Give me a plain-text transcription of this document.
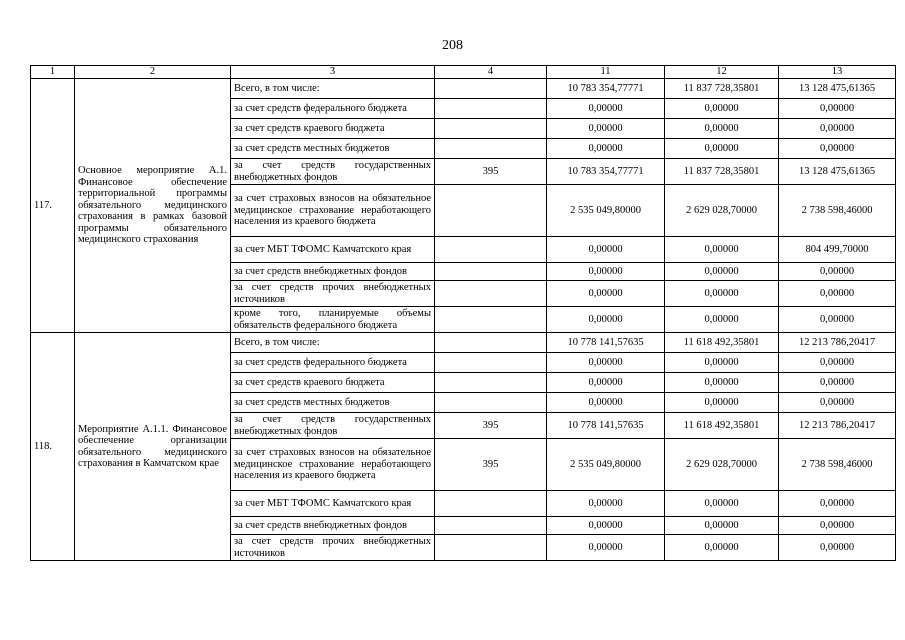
208
1	2	3	4	11	12	13
117.	Основное мероприятие А.1. Финансовое обеспечение территориальной программы обязательного медицинского страхования в рамках базовой программы обязательного медицинского страхования	Всего, в том числе:		10 783 354,77771	11 837 728,35801	13 128 475,61365
		за счет средств федерального бюджета		0,00000	0,00000	0,00000
		за счет средств краевого бюджета		0,00000	0,00000	0,00000
		за счет средств местных бюджетов		0,00000	0,00000	0,00000
		за счет средств государственных внебюджетных фондов	395	10 783 354,77771	11 837 728,35801	13 128 475,61365
		за счет страховых взносов на обязательное медицинское страхование неработающего населения из краевого бюджета		2 535 049,80000	2 629 028,70000	2 738 598,46000
		за счет МБТ ТФОМС Камчатского края		0,00000	0,00000	804 499,70000
		за счет средств внебюджетных фондов		0,00000	0,00000	0,00000
		за счет средств прочих внебюджетных источников		0,00000	0,00000	0,00000
		кроме того, планируемые объемы обязательств федерального бюджета		0,00000	0,00000	0,00000
118.	Мероприятие А.1.1. Финансовое обеспечение организации обязательного медицинского страхования в Камчатском крае	Всего, в том числе:		10 778 141,57635	11 618 492,35801	12 213 786,20417
		за счет средств федерального бюджета		0,00000	0,00000	0,00000
		за счет средств краевого бюджета		0,00000	0,00000	0,00000
		за счет средств местных бюджетов		0,00000	0,00000	0,00000
		за счет средств государственных внебюджетных фондов	395	10 778 141,57635	11 618 492,35801	12 213 786,20417
		за счет страховых взносов на обязательное медицинское страхование неработающего населения из краевого бюджета	395	2 535 049,80000	2 629 028,70000	2 738 598,46000
		за счет МБТ ТФОМС Камчатского края		0,00000	0,00000	0,00000
		за счет средств внебюджетных фондов		0,00000	0,00000	0,00000
		за счет средств прочих внебюджетных источников		0,00000	0,00000	0,00000
